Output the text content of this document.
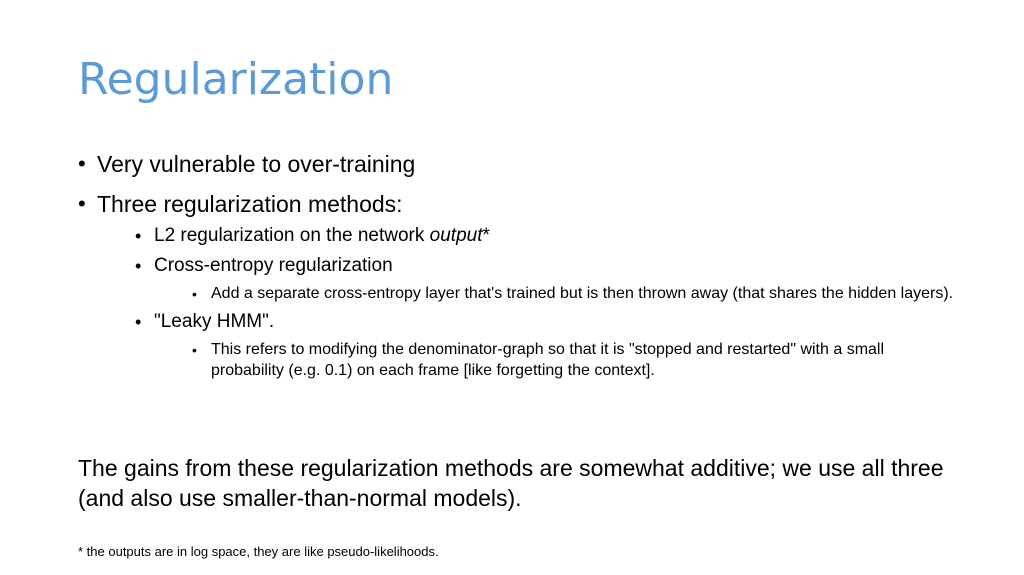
Regularization
• Very vulnerable to over-training
• Three regularization methods:
• L2 regularization on the network output*
• Cross-entropy regularization
• Add a separate cross-entropy layer that's trained but is then thrown away (that shares the hidden layers).
• "Leaky HMM".
• This refers to modifying the denominator-graph so that it is "stopped and restarted" with a small probability (e.g. 0.1) on each frame [like forgetting the context].
The gains from these regularization methods are somewhat additive; we use all three (and also use smaller-than-normal models).
* the outputs are in log space, they are like pseudo-likelihoods.
